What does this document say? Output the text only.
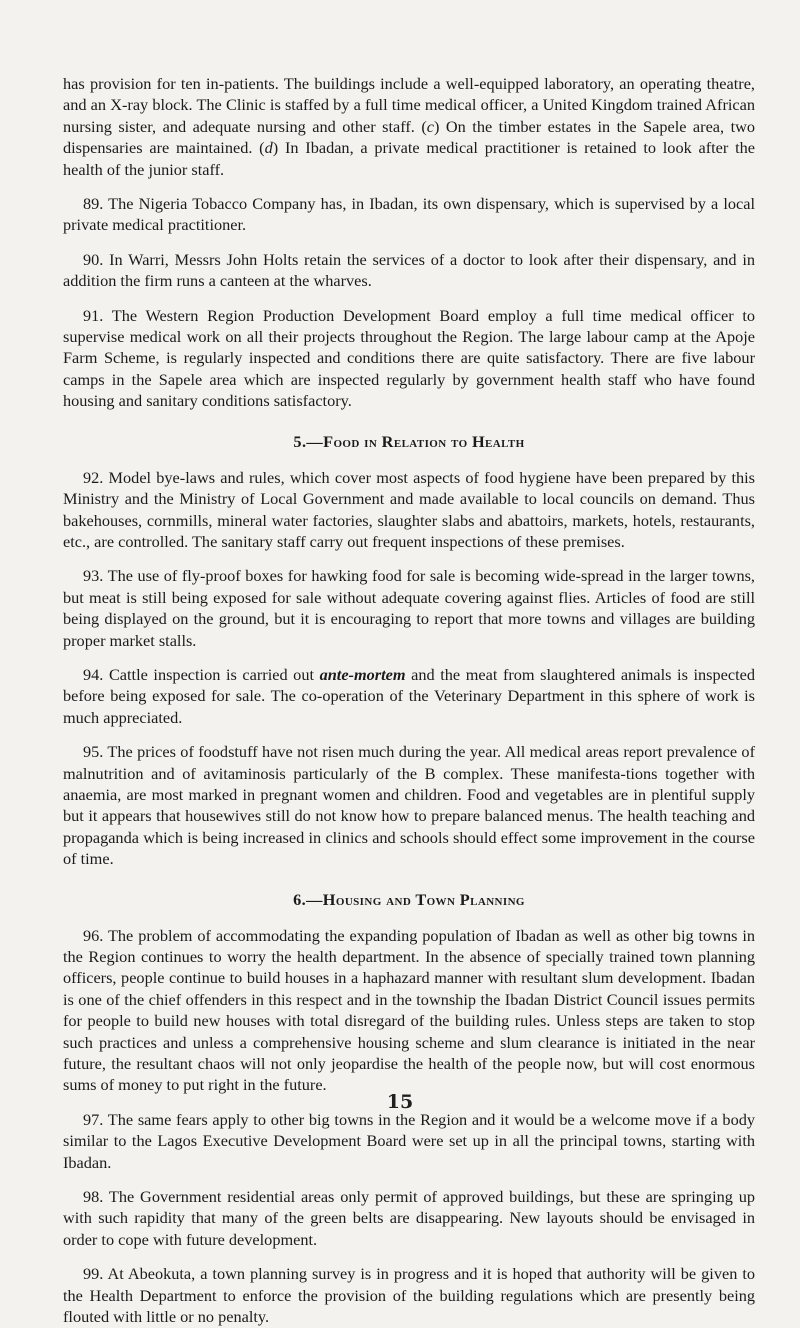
has provision for ten in-patients. The buildings include a well-equipped laboratory, an operating theatre, and an X-ray block. The Clinic is staffed by a full time medical officer, a United Kingdom trained African nursing sister, and adequate nursing and other staff. (c) On the timber estates in the Sapele area, two dispensaries are maintained. (d) In Ibadan, a private medical practitioner is retained to look after the health of the junior staff.

89. The Nigeria Tobacco Company has, in Ibadan, its own dispensary, which is supervised by a local private medical practitioner.

90. In Warri, Messrs John Holts retain the services of a doctor to look after their dispensary, and in addition the firm runs a canteen at the wharves.

91. The Western Region Production Development Board employ a full time medical officer to supervise medical work on all their projects throughout the Region. The large labour camp at the Apoje Farm Scheme, is regularly inspected and conditions there are quite satisfactory. There are five labour camps in the Sapele area which are inspected regularly by government health staff who have found housing and sanitary conditions satisfactory.

5.—Food in Relation to Health

92. Model bye-laws and rules, which cover most aspects of food hygiene have been prepared by this Ministry and the Ministry of Local Government and made available to local councils on demand. Thus bakehouses, cornmills, mineral water factories, slaughter slabs and abattoirs, markets, hotels, restaurants, etc., are controlled. The sanitary staff carry out frequent inspections of these premises.

93. The use of fly-proof boxes for hawking food for sale is becoming wide-spread in the larger towns, but meat is still being exposed for sale without adequate covering against flies. Articles of food are still being displayed on the ground, but it is encouraging to report that more towns and villages are building proper market stalls.

94. Cattle inspection is carried out ante-mortem and the meat from slaughtered animals is inspected before being exposed for sale. The co-operation of the Veterinary Department in this sphere of work is much appreciated.

95. The prices of foodstuff have not risen much during the year. All medical areas report prevalence of malnutrition and of avitaminosis particularly of the B complex. These manifesta-tions together with anaemia, are most marked in pregnant women and children. Food and vegetables are in plentiful supply but it appears that housewives still do not know how to prepare balanced menus. The health teaching and propaganda which is being increased in clinics and schools should effect some improvement in the course of time.

6.—Housing and Town Planning

96. The problem of accommodating the expanding population of Ibadan as well as other big towns in the Region continues to worry the health department. In the absence of specially trained town planning officers, people continue to build houses in a haphazard manner with resultant slum development. Ibadan is one of the chief offenders in this respect and in the township the Ibadan District Council issues permits for people to build new houses with total disregard of the building rules. Unless steps are taken to stop such practices and unless a comprehensive housing scheme and slum clearance is initiated in the near future, the resultant chaos will not only jeopardise the health of the people now, but will cost enormous sums of money to put right in the future.

97. The same fears apply to other big towns in the Region and it would be a welcome move if a body similar to the Lagos Executive Development Board were set up in all the principal towns, starting with Ibadan.

98. The Government residential areas only permit of approved buildings, but these are springing up with such rapidity that many of the green belts are disappearing. New layouts should be envisaged in order to cope with future development.

99. At Abeokuta, a town planning survey is in progress and it is hoped that authority will be given to the Health Department to enforce the provision of the building regulations which are presently being flouted with little or no penalty.

15
